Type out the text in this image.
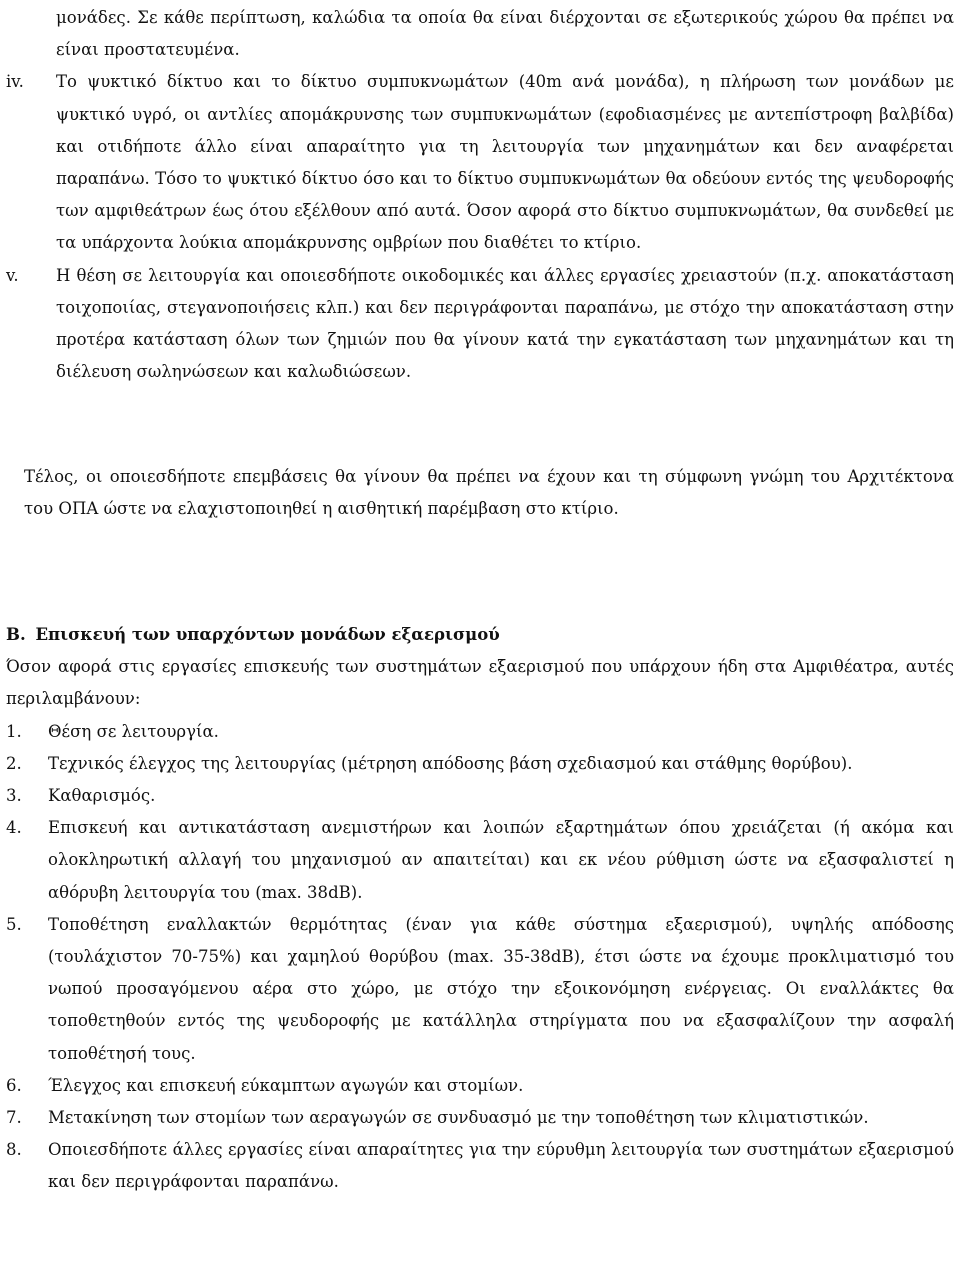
μονάδες. Σε κάθε περίπτωση, καλώδια τα οποία θα είναι διέρχονται σε εξωτερικούς χώρου θα πρέπει να είναι προστατευμένα.
iv. Το ψυκτικό δίκτυο και το δίκτυο συμπυκνωμάτων (40m ανά μονάδα), η πλήρωση των μονάδων με ψυκτικό υγρό, οι αντλίες απομάκρυνσης των συμπυκνωμάτων (εφοδιασμένες με αντεπίστροφη βαλβίδα) και οτιδήποτε άλλο είναι απαραίτητο για τη λειτουργία των μηχανημάτων και δεν αναφέρεται παραπάνω. Τόσο το ψυκτικό δίκτυο όσο και το δίκτυο συμπυκνωμάτων θα οδεύουν εντός της ψευδοροφής των αμφιθεάτρων έως ότου εξέλθουν από αυτά. Όσον αφορά στο δίκτυο συμπυκνωμάτων, θα συνδεθεί με τα υπάρχοντα λούκια απομάκρυνσης ομβρίων που διαθέτει το κτίριο.
v. Η θέση σε λειτουργία και οποιεσδήποτε οικοδομικές και άλλες εργασίες χρειαστούν (π.χ. αποκατάσταση τοιχοποιίας, στεγανοποιήσεις κλπ.) και δεν περιγράφονται παραπάνω, με στόχο την αποκατάσταση στην προτέρα κατάσταση όλων των ζημιών που θα γίνουν κατά την εγκατάσταση των μηχανημάτων και τη διέλευση σωληνώσεων και καλωδιώσεων.
Τέλος, οι οποιεσδήποτε επεμβάσεις θα γίνουν θα πρέπει να έχουν και τη σύμφωνη γνώμη του Αρχιτέκτονα του ΟΠΑ ώστε να ελαχιστοποιηθεί η αισθητική παρέμβαση στο κτίριο.
Β. Επισκευή των υπαρχόντων μονάδων εξαερισμού
Όσον αφορά στις εργασίες επισκευής των συστημάτων εξαερισμού που υπάρχουν ήδη στα Αμφιθέατρα, αυτές περιλαμβάνουν:
1. Θέση σε λειτουργία.
2. Τεχνικός έλεγχος της λειτουργίας (μέτρηση απόδοσης βάση σχεδιασμού και στάθμης θορύβου).
3. Καθαρισμός.
4. Επισκευή και αντικατάσταση ανεμιστήρων και λοιπών εξαρτημάτων όπου χρειάζεται (ή ακόμα και ολοκληρωτική αλλαγή του μηχανισμού αν απαιτείται) και εκ νέου ρύθμιση ώστε να εξασφαλιστεί η αθόρυβη λειτουργία του (max. 38dB).
5. Τοποθέτηση εναλλακτών θερμότητας (έναν για κάθε σύστημα εξαερισμού), υψηλής απόδοσης (τουλάχιστον 70-75%) και χαμηλού θορύβου (max. 35-38dB), έτσι ώστε να έχουμε προκλιματισμό του νωπού προσαγόμενου αέρα στο χώρο, με στόχο την εξοικονόμηση ενέργειας. Οι εναλλάκτες θα τοποθετηθούν εντός της ψευδοροφής με κατάλληλα στηρίγματα που να εξασφαλίζουν την ασφαλή τοποθέτησή τους.
6. Έλεγχος και επισκευή εύκαμπτων αγωγών και στομίων.
7. Μετακίνηση των στομίων των αεραγωγών σε συνδυασμό με την τοποθέτηση των κλιματιστικών.
8. Οποιεσδήποτε άλλες εργασίες είναι απαραίτητες για την εύρυθμη λειτουργία των συστημάτων εξαερισμού και δεν περιγράφονται παραπάνω.
